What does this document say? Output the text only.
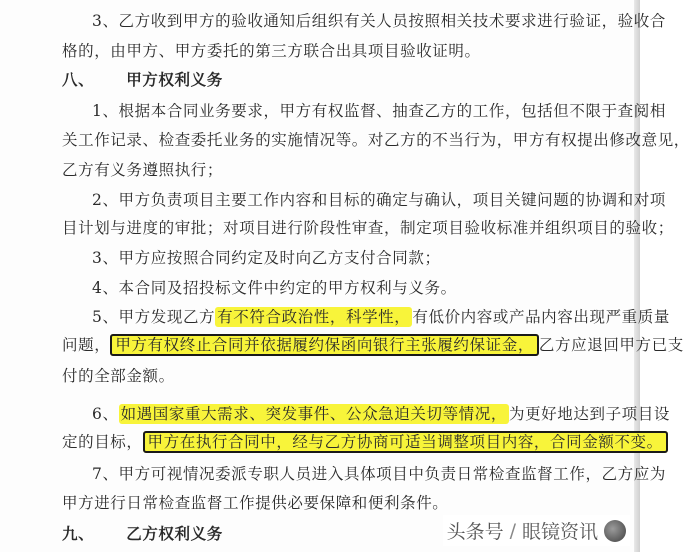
3、乙方收到甲方的验收通知后组织有关人员按照相关技术要求进行验证，验收合
格的，由甲方、甲方委托的第三方联合出具项目验收证明。
八、 甲方权利义务
1、根据本合同业务要求，甲方有权监督、抽查乙方的工作，包括但不限于查阅相
关工作记录、检查委托业务的实施情况等。对乙方的不当行为，甲方有权提出修改意见，
乙方有义务遵照执行；
2、甲方负责项目主要工作内容和目标的确定与确认，项目关键问题的协调和对项
目计划与进度的审批；对项目进行阶段性审查，制定项目验收标准并组织项目的验收；
3、甲方应按照合同约定及时向乙方支付合同款；
4、本合同及招投标文件中约定的甲方权利与义务。
5、甲方发现乙方 有不符合政治性，科学性， 有低价内容或产品内容出现严重质量
问题， 甲方有权终止合同并依据履约保函向银行主张履约保证金， 乙方应退回甲方已支
付的全部金额。
6、 如遇国家重大需求、突发事件、公众急迫关切等情况， 为更好地达到子项目设
定的目标， 甲方在执行合同中，经与乙方协商可适当调整项目内容，合同金额不变。
7、甲方可视情况委派专职人员进入具体项目中负责日常检查监督工作，乙方应为
甲方进行日常检查监督工作提供必要保障和便利条件。
九、 乙方权利义务	头条号 / 眼镜资讯
